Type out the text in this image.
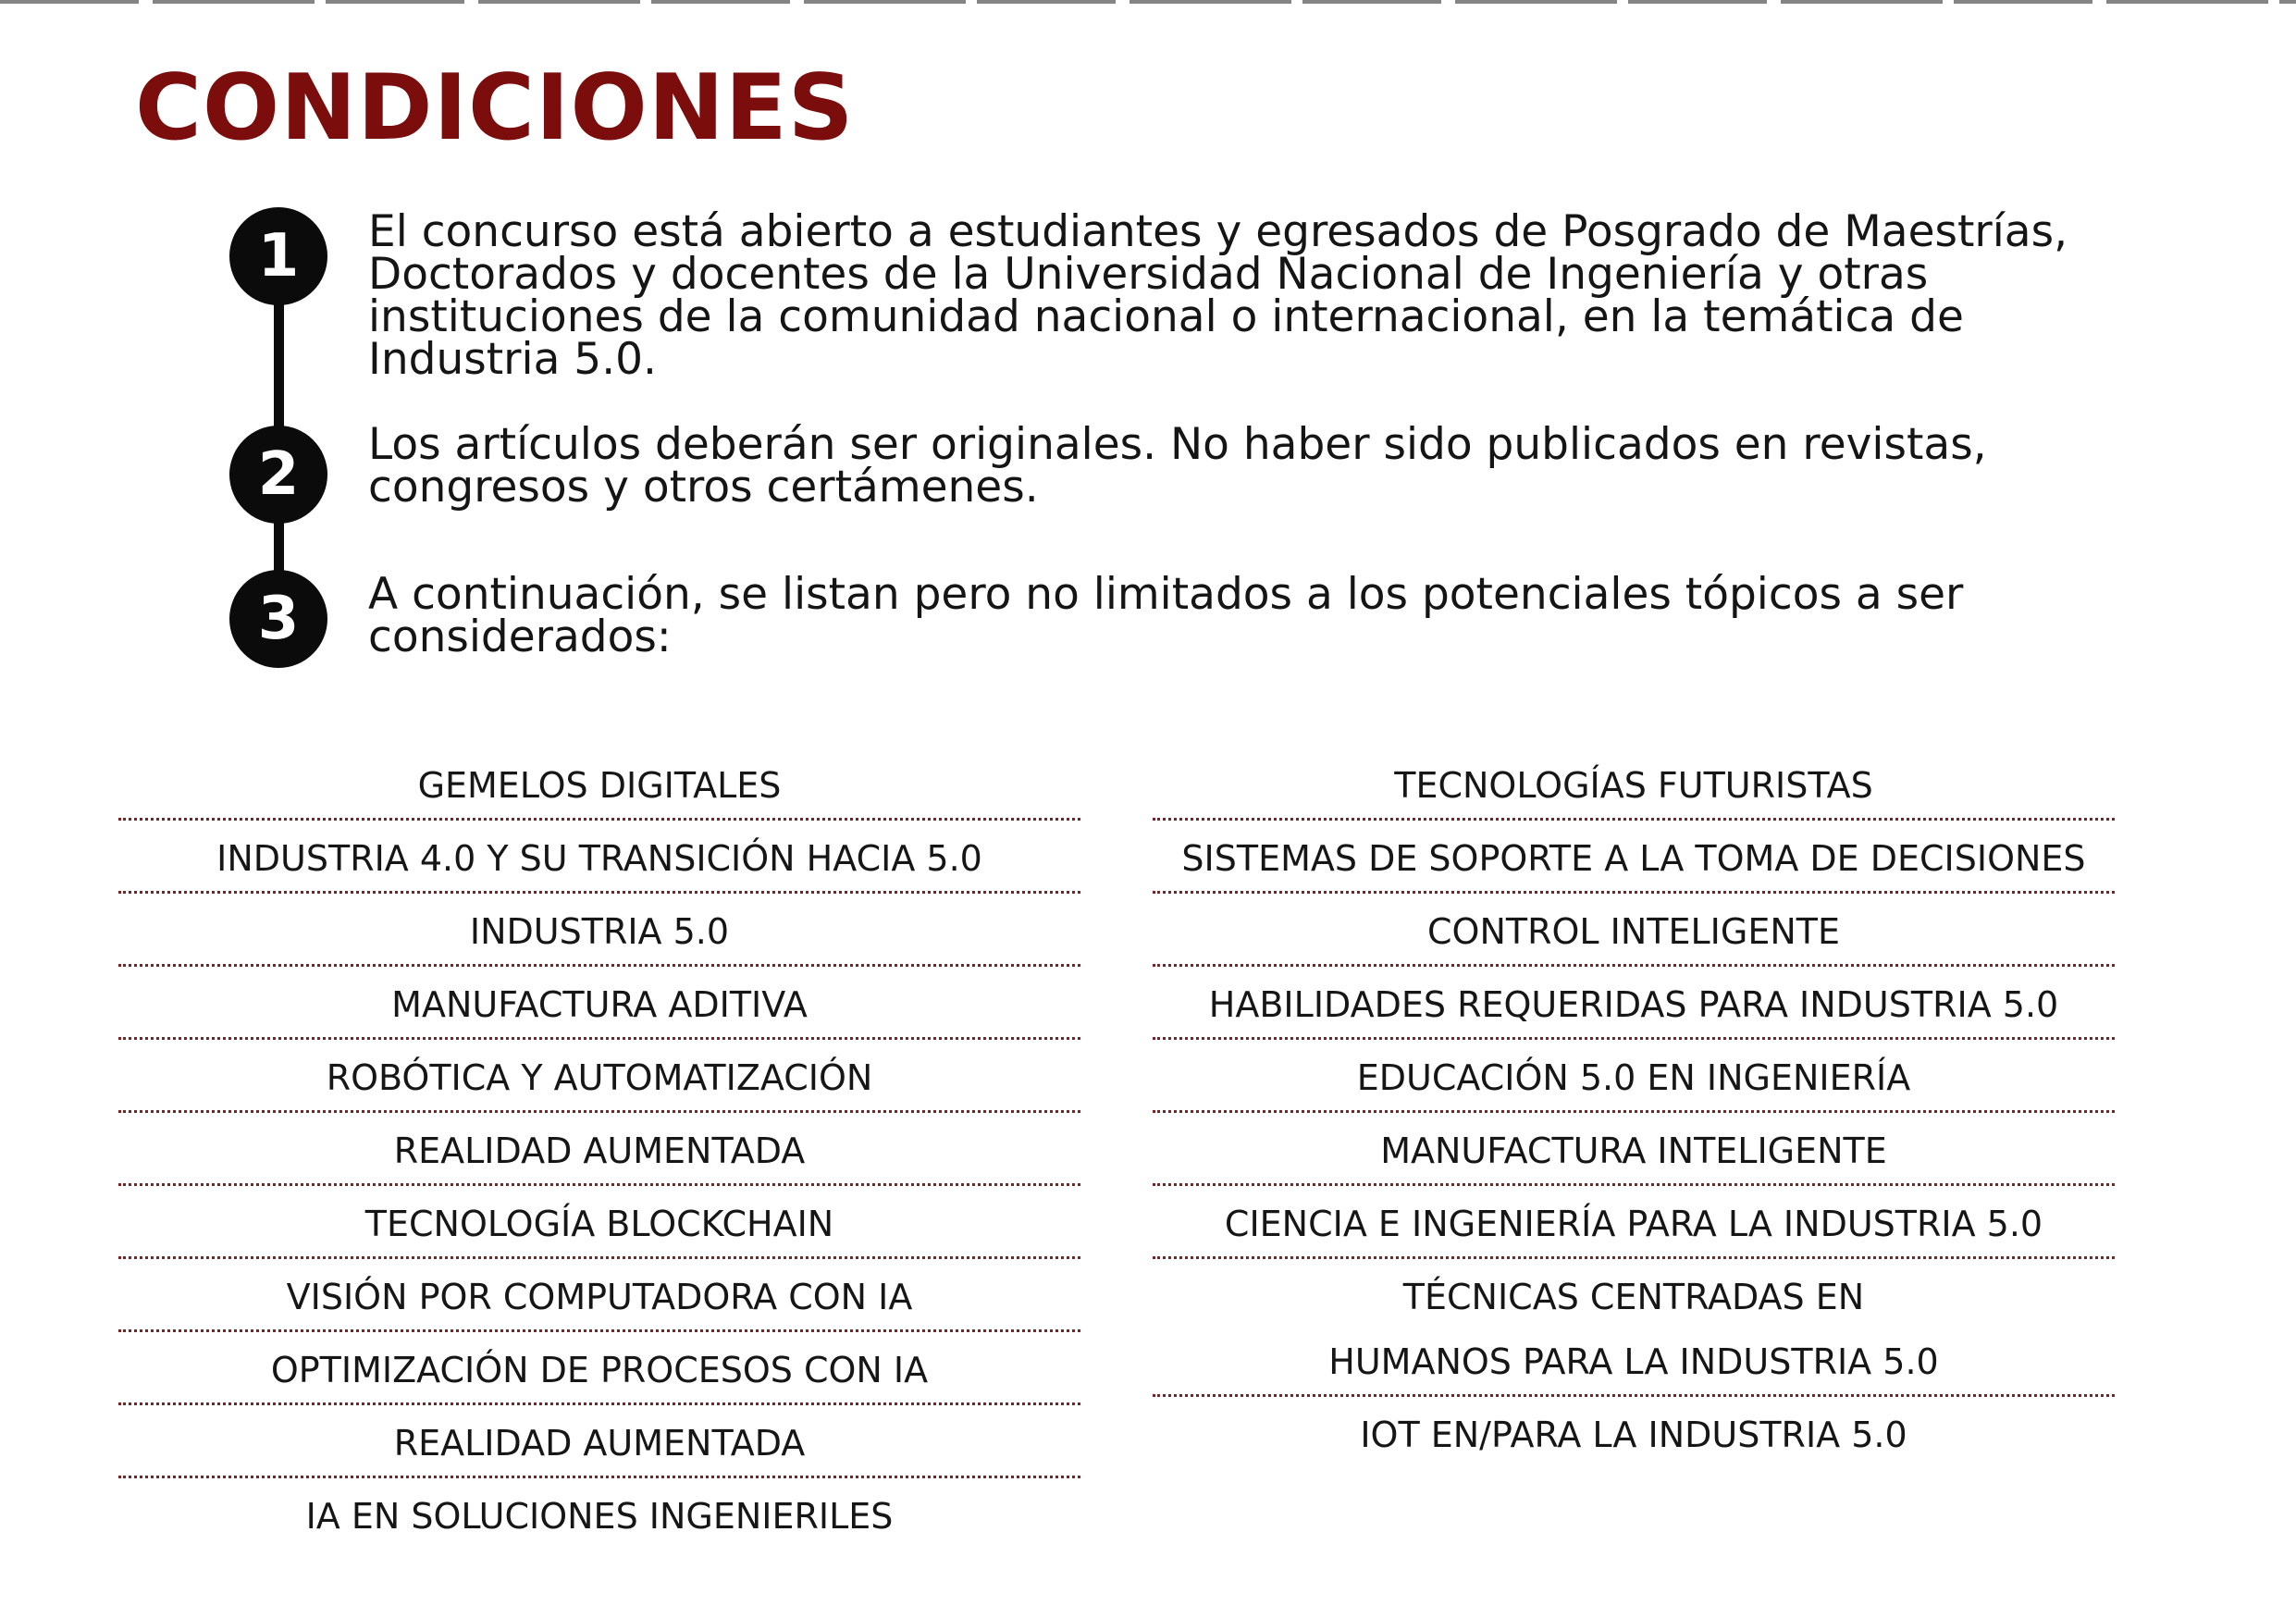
CONDICIONES
1	El concurso está abierto a estudiantes y egresados de Posgrado de Maestrías, Doctorados y docentes de la Universidad Nacional de Ingeniería y otras instituciones de la comunidad nacional o internacional, en la temática de Industria 5.0.

2	Los artículos deberán ser originales. No haber sido publicados en revistas, congresos y otros certámenes.

3	A continuación, se listan pero no limitados a los potenciales tópicos a ser considerados:

GEMELOS DIGITALES
INDUSTRIA 4.0 Y SU TRANSICIÓN HACIA 5.0
INDUSTRIA 5.0
MANUFACTURA ADITIVA
ROBÓTICA Y AUTOMATIZACIÓN
REALIDAD AUMENTADA
TECNOLOGÍA BLOCKCHAIN
VISIÓN POR COMPUTADORA CON IA
OPTIMIZACIÓN DE PROCESOS CON IA
REALIDAD AUMENTADA
IA EN SOLUCIONES INGENIERILES
TECNOLOGÍAS FUTURISTAS
SISTEMAS DE SOPORTE A LA TOMA DE DECISIONES
CONTROL INTELIGENTE
HABILIDADES REQUERIDAS PARA INDUSTRIA 5.0
EDUCACIÓN 5.0 EN INGENIERÍA
MANUFACTURA INTELIGENTE
CIENCIA E INGENIERÍA PARA LA INDUSTRIA 5.0
TÉCNICAS CENTRADAS EN
HUMANOS PARA LA INDUSTRIA 5.0
IOT EN/PARA LA INDUSTRIA 5.0
